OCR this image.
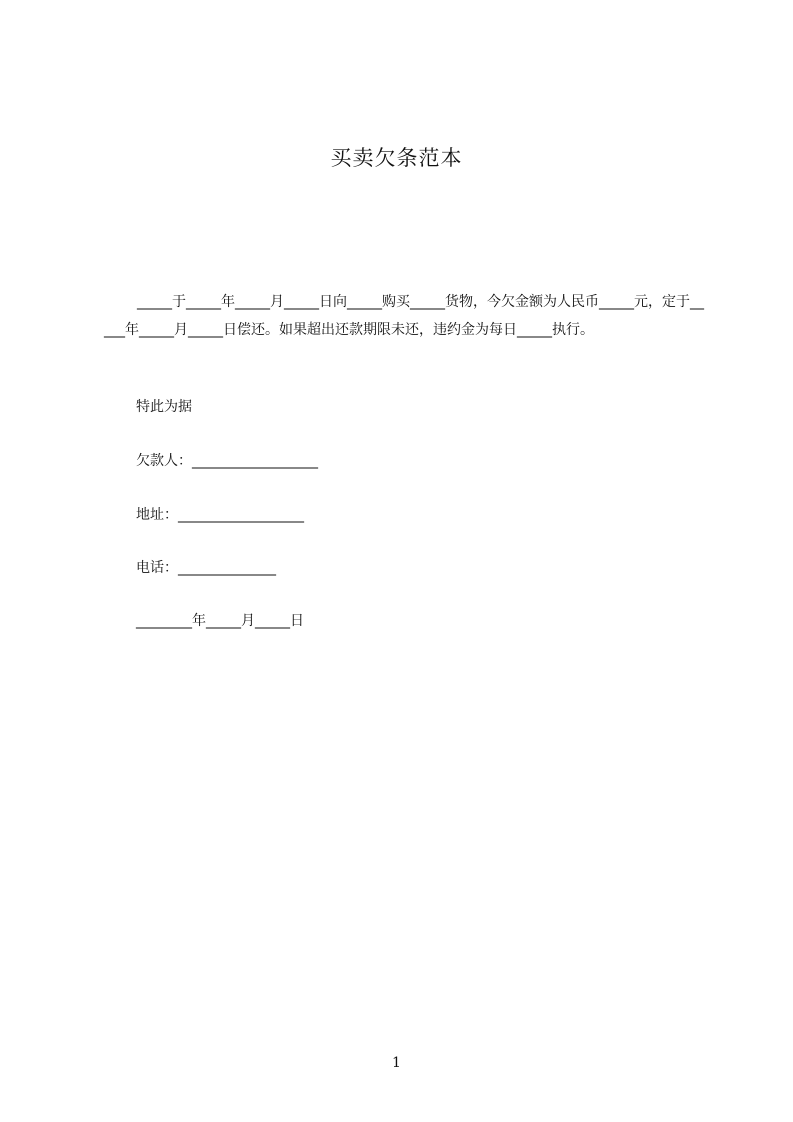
买卖欠条范本

_____于_____年_____月_____日向_____购买_____货物，今欠金额为人民币_____元，定于_____年_____月_____日偿还。如果超出还款期限未还，违约金为每日_____执行。

特此为据

欠款人：__________________

地址：__________________

电话：______________

________年_____月_____日

1
